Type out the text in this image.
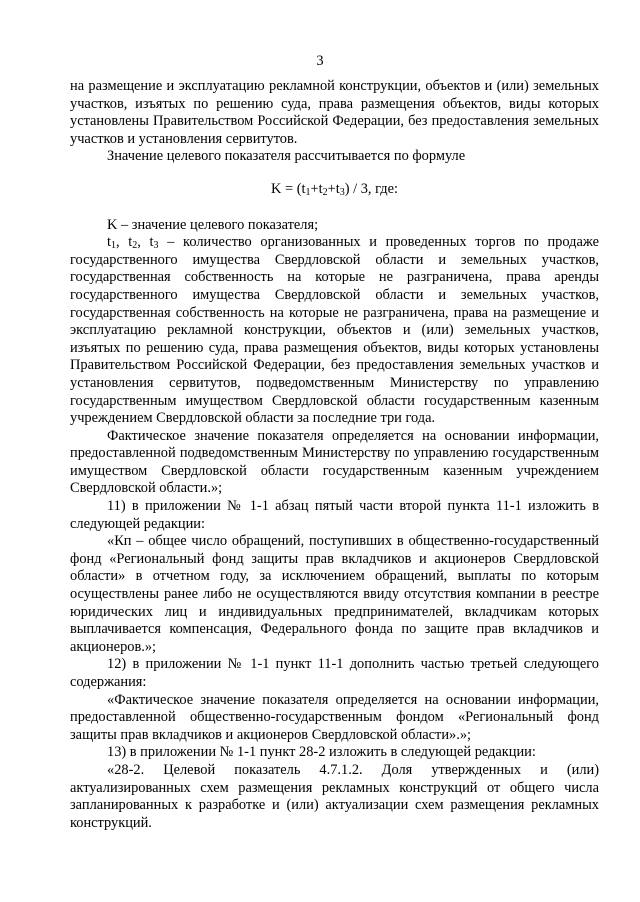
3

на размещение и эксплуатацию рекламной конструкции, объектов и (или) земельных участков, изъятых по решению суда, права размещения объектов, виды которых установлены Правительством Российской Федерации, без предоставления земельных участков и установления сервитутов.

Значение целевого показателя рассчитывается по формуле

$K = (t_1+t_2+t_3) / 3$, где:

K – значение целевого показателя;

$t_1$, $t_2$, $t_3$ – количество организованных и проведенных торгов по продаже государственного имущества Свердловской области и земельных участков, государственная собственность на которые не разграничена, права аренды государственного имущества Свердловской области и земельных участков, государственная собственность на которые не разграничена, права на размещение и эксплуатацию рекламной конструкции, объектов и (или) земельных участков, изъятых по решению суда, права размещения объектов, виды которых установлены Правительством Российской Федерации, без предоставления земельных участков и установления сервитутов, подведомственным Министерству по управлению государственным имуществом Свердловской области государственным казенным учреждением Свердловской области за последние три года.

Фактическое значение показателя определяется на основании информации, предоставленной подведомственным Министерству по управлению государственным имуществом Свердловской области государственным казенным учреждением Свердловской области.»;

11) в приложении № 1-1 абзац пятый части второй пункта 11-1 изложить в следующей редакции:

«Кп – общее число обращений, поступивших в общественно-государственный фонд «Региональный фонд защиты прав вкладчиков и акционеров Свердловской области» в отчетном году, за исключением обращений, выплаты по которым осуществлены ранее либо не осуществляются ввиду отсутствия компании в реестре юридических лиц и индивидуальных предпринимателей, вкладчикам которых выплачивается компенсация, Федерального фонда по защите прав вкладчиков и акционеров.»;

12) в приложении № 1-1 пункт 11-1 дополнить частью третьей следующего содержания:

«Фактическое значение показателя определяется на основании информации, предоставленной общественно-государственным фондом «Региональный фонд защиты прав вкладчиков и акционеров Свердловской области».»;

13) в приложении № 1-1 пункт 28-2 изложить в следующей редакции:

«28-2. Целевой показатель 4.7.1.2. Доля утвержденных и (или) актуализированных схем размещения рекламных конструкций от общего числа запланированных к разработке и (или) актуализации схем размещения рекламных конструкций.
